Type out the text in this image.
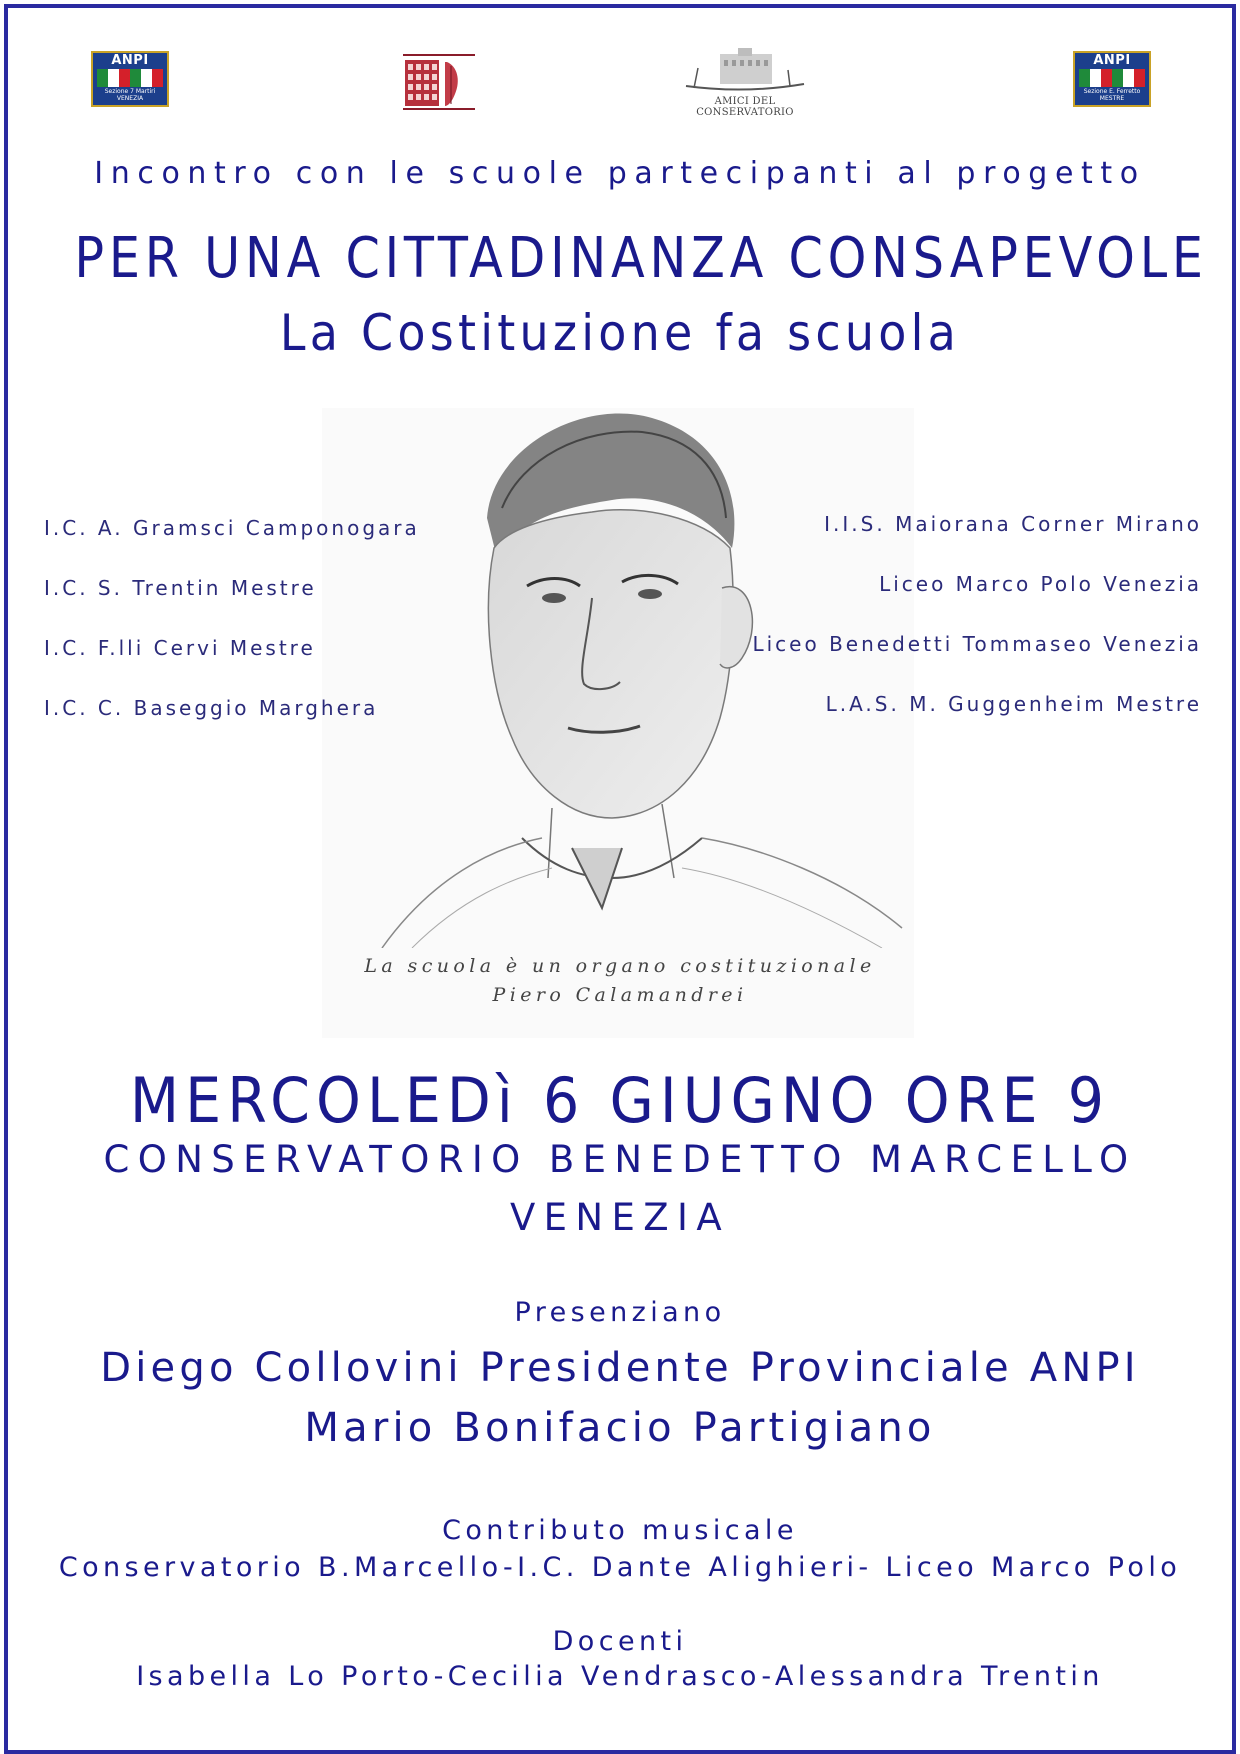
ANPI
Sezione 7 Martiri VENEZIA	AMICI DEL CONSERVATORIO
ANPI
Sezione E. Ferretto MESTRE
Incontro con le scuole partecipanti al progetto
PER UNA CITTADINANZA CONSAPEVOLE
La Costituzione fa scuola
La scuola è un organo costituzionale
Piero Calamandrei
I.C. A. Gramsci Camponogara
I.C. S. Trentin Mestre
I.C. F.lli Cervi Mestre
I.C. C. Baseggio Marghera
I.I.S. Maiorana Corner Mirano
Liceo Marco Polo Venezia
Liceo Benedetti Tommaseo Venezia
L.A.S. M. Guggenheim Mestre
MERCOLEDì 6 GIUGNO ORE 9
CONSERVATORIO BENEDETTO MARCELLO
VENEZIA
Presenziano
Diego Collovini Presidente Provinciale ANPI
Mario Bonifacio Partigiano
Contributo musicale
Conservatorio B.Marcello-I.C. Dante Alighieri- Liceo Marco Polo
Docenti
Isabella Lo Porto-Cecilia Vendrasco-Alessandra Trentin
